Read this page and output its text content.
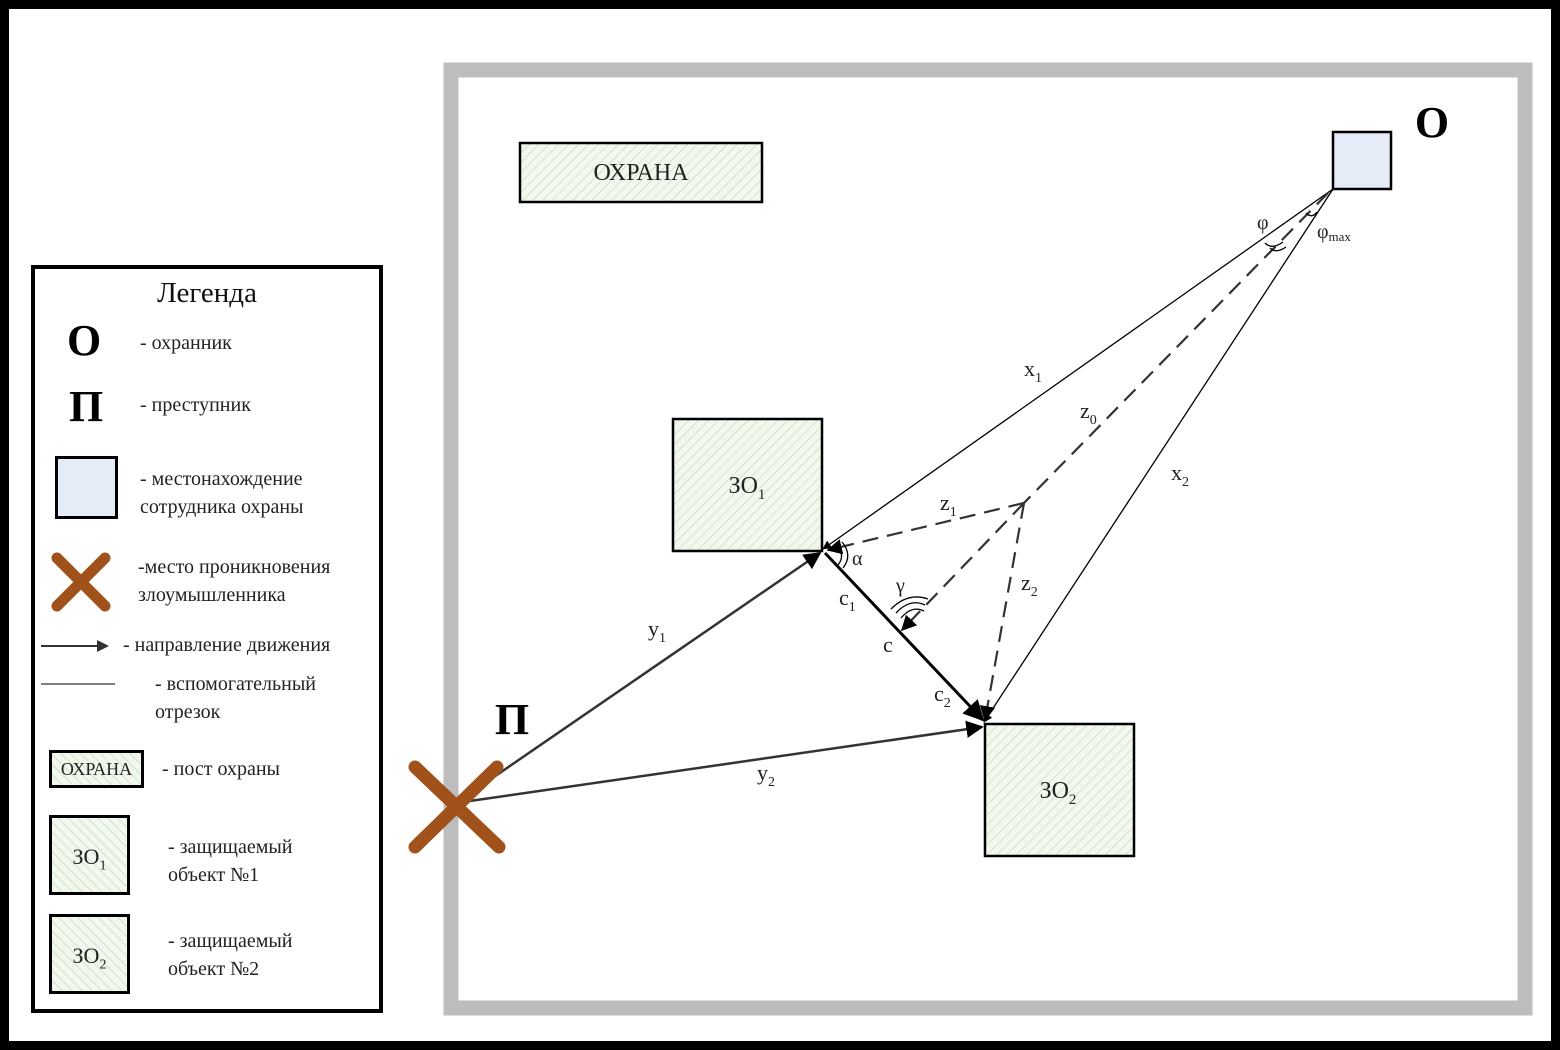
ОХРАНА
О
$ЗО_1$
$ЗО_2$
$x_1$
$x_2$
$z_0$
$z_1$
$z_2$
$y_1$
$y_2$
$c_1$
c
$c_2$
φ φmax
α
γ
П
Легенда
О - охранник
П - преступник
- местонахождение
сотрудника охраны
-место проникновения
злоумышленника
- направление движения
- вспомогательный
отрезок
ОХРАНА	- пост охраны
$ЗО_1$
- защищаемый
объект №1
$ЗО_2$
- защищаемый
объект №2
